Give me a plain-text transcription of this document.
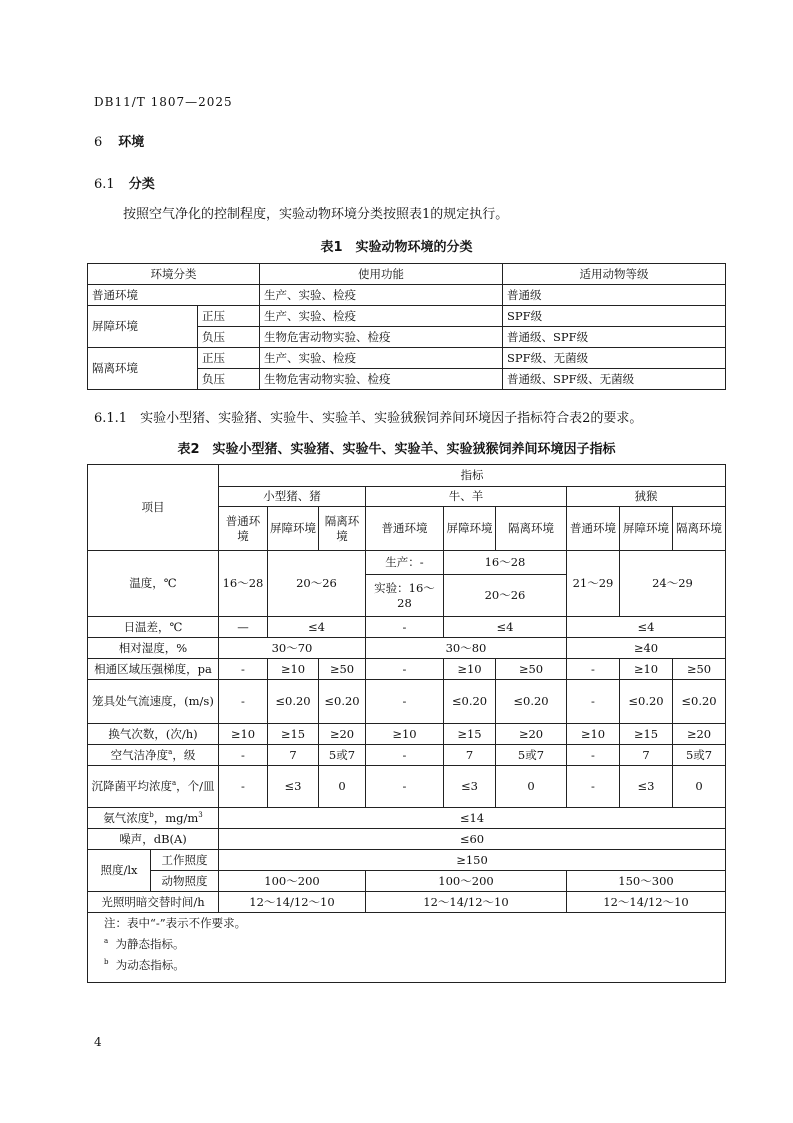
DB11/T 1807—2025
6 环境
6.1 分类
按照空气净化的控制程度，实验动物环境分类按照表1的规定执行。
表1　实验动物环境的分类
环境分类		使用功能	适用动物等级
普通环境		生产、实验、检疫	普通级
屏障环境	正压	生产、实验、检疫	SPF级
	负压	生物危害动物实验、检疫	普通级、SPF级
隔离环境	正压	生产、实验、检疫	SPF级、无菌级
	负压	生物危害动物实验、检疫	普通级、SPF级、无菌级
6.1.1　实验小型猪、实验猪、实验牛、实验羊、实验狨猴饲养间环境因子指标符合表2的要求。
表2　实验小型猪、实验猪、实验牛、实验羊、实验狨猴饲养间环境因子指标
项目		指标								
		小型猪、猪			牛、羊			狨猴		
		普通环境	屏障环境	隔离环境	普通环境	屏障环境	隔离环境	普通环境	屏障环境	隔离环境
温度，℃		16～28	20～26		生产：-	16～28		21～29	24～29	
					实验：16～28	20～26				
日温差，℃		—	≤4		-	≤4		≤4		
相对湿度，%		30～70			30～80			≥40		
相通区域压强梯度，pa		-	≥10	≥50	-	≥10	≥50	-	≥10	≥50
笼具处气流速度，(m/s)		-	≤0.20	≤0.20	-	≤0.20	≤0.20	-	≤0.20	≤0.20
换气次数，(次/h)		≥10	≥15	≥20	≥10	≥15	≥20	≥10	≥15	≥20
空气洁净度$^a$，级		-	7	5或7	-	7	5或7	-	7	5或7
沉降菌平均浓度$^a$，个/皿		-	≤3	0	-	≤3	0	-	≤3	0
氨气浓度$^b$，$mg/m^3$		≤14								
噪声，dB(A)		≤60								
照度/lx	工作照度	≥150								
	动物照度	100～200			100～200			150～300		
光照明暗交替时间/h		12～14/12～10			12～14/12～10			12～14/12～10		

注：表中“-”表示不作要求。
$^a$ 为静态指标。
$^b$ 为动态指标。										
4
